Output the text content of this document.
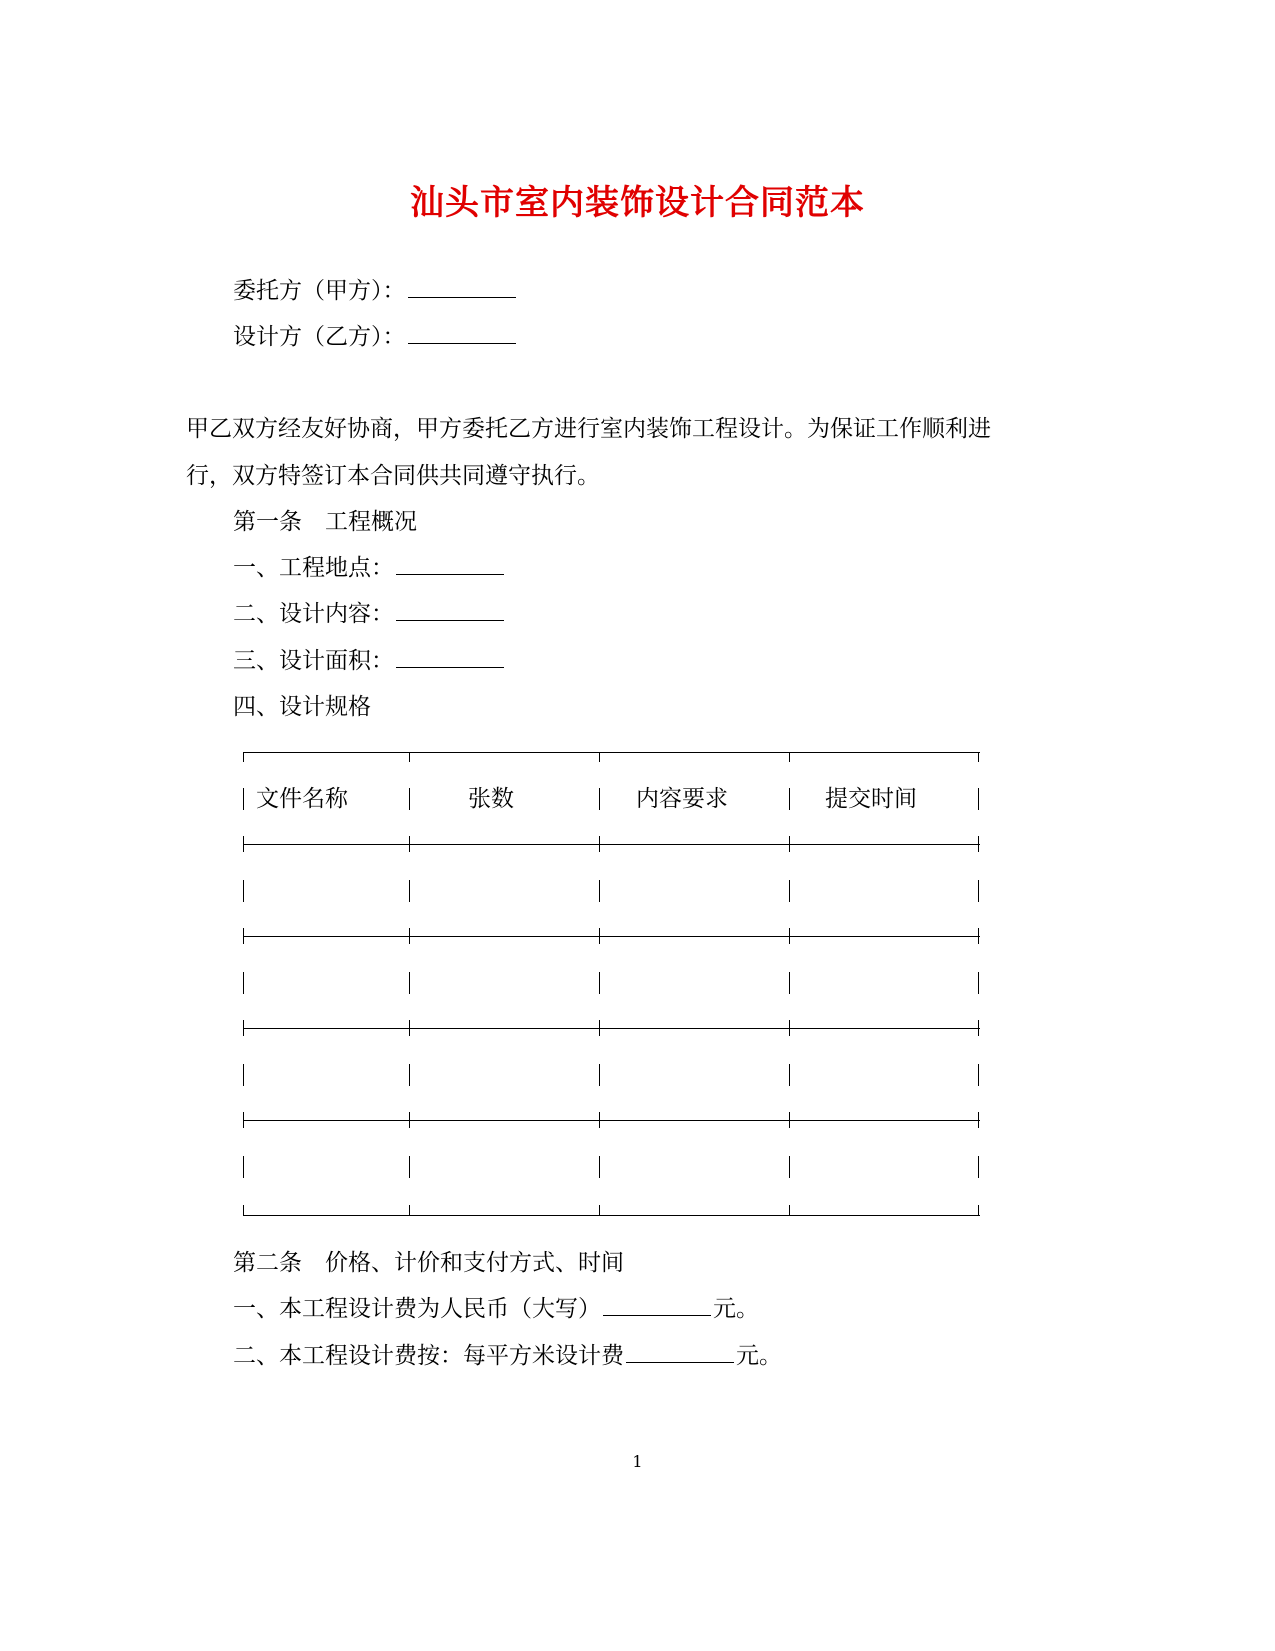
汕头市室内装饰设计合同范本
委托方（甲方）：
设计方（乙方）：
甲乙双方经友好协商，甲方委托乙方进行室内装饰工程设计。为保证工作顺利进
行，双方特签订本合同供共同遵守执行。
第一条　工程概况
一、工程地点：
二、设计内容：
三、设计面积：
四、设计规格
文件名称	张数	内容要求	提交时间
第二条　价格、计价和支付方式、时间
一、本工程设计费为人民币（大写）	元。
二、本工程设计费按：每平方米设计费	元。
1
